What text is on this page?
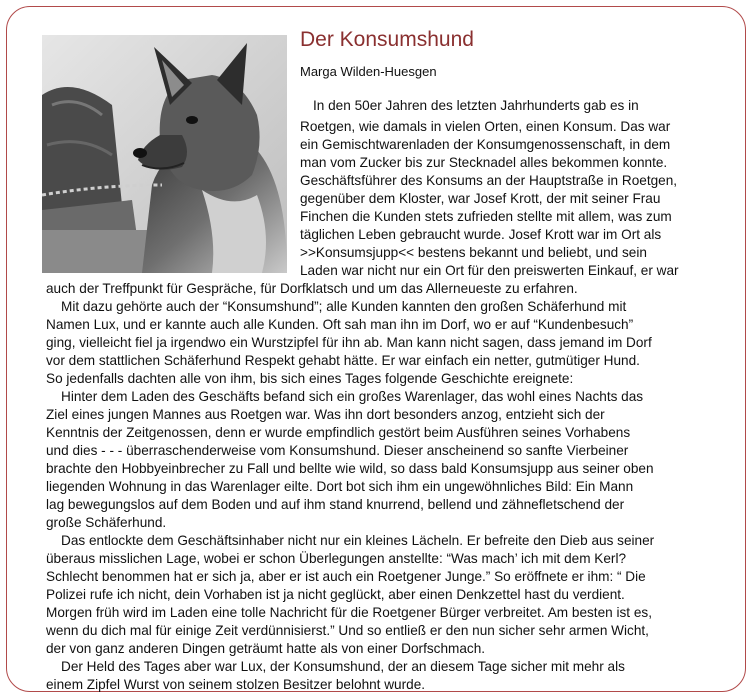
Der Konsumshund
Marga Wilden-Huesgen
In den 50er Jahren des letzten Jahrhunderts gab es in
Roetgen, wie damals in vielen Orten, einen Konsum. Das war
ein Gemischtwarenladen der Konsumgenossenschaft, in dem
man vom Zucker bis zur Stecknadel alles bekommen konnte.
Geschäftsführer des Konsums an der Hauptstraße in Roetgen,
gegenüber dem Kloster, war Josef Krott, der mit seiner Frau
Finchen die Kunden stets zufrieden stellte mit allem, was zum
täglichen Leben gebraucht wurde. Josef Krott war im Ort als
>>Konsumsjupp<< bestens bekannt und beliebt, und sein
Laden war nicht nur ein Ort für den preiswerten Einkauf, er war
auch der Treffpunkt für Gespräche, für Dorfklatsch und um das Allerneueste zu erfahren.
Mit dazu gehörte auch der “Konsumshund”; alle Kunden kannten den großen Schäferhund mit
Namen Lux, und er kannte auch alle Kunden. Oft sah man ihn im Dorf, wo er auf “Kundenbesuch”
ging, vielleicht fiel ja irgendwo ein Wurstzipfel für ihn ab. Man kann nicht sagen, dass jemand im Dorf
vor dem stattlichen Schäferhund Respekt gehabt hätte. Er war einfach ein netter, gutmütiger Hund.
So jedenfalls dachten alle von ihm, bis sich eines Tages folgende Geschichte ereignete:
Hinter dem Laden des Geschäfts befand sich ein großes Warenlager, das wohl eines Nachts das
Ziel eines jungen Mannes aus Roetgen war. Was ihn dort besonders anzog, entzieht sich der
Kenntnis der Zeitgenossen, denn er wurde empfindlich gestört beim Ausführen seines Vorhabens
und dies - - - überraschenderweise vom Konsumshund. Dieser anscheinend so sanfte Vierbeiner
brachte den Hobbyeinbrecher zu Fall und bellte wie wild, so dass bald Konsumsjupp aus seiner oben
liegenden Wohnung in das Warenlager eilte. Dort bot sich ihm ein ungewöhnliches Bild: Ein Mann
lag bewegungslos auf dem Boden und auf ihm stand knurrend, bellend und zähnefletschend der
große Schäferhund.
Das entlockte dem Geschäftsinhaber nicht nur ein kleines Lächeln. Er befreite den Dieb aus seiner
überaus misslichen Lage, wobei er schon Überlegungen anstellte: “Was mach’ ich mit dem Kerl?
Schlecht benommen hat er sich ja, aber er ist auch ein Roetgener Junge.” So eröffnete er ihm: “ Die
Polizei rufe ich nicht, dein Vorhaben ist ja nicht geglückt, aber einen Denkzettel hast du verdient.
Morgen früh wird im Laden eine tolle Nachricht für die Roetgener Bürger verbreitet. Am besten ist es,
wenn du dich mal für einige Zeit verdünnisierst.” Und so entließ er den nun sicher sehr armen Wicht,
der von ganz anderen Dingen geträumt hatte als von einer Dorfschmach.
Der Held des Tages aber war Lux, der Konsumshund, der an diesem Tage sicher mit mehr als
einem Zipfel Wurst von seinem stolzen Besitzer belohnt wurde.
